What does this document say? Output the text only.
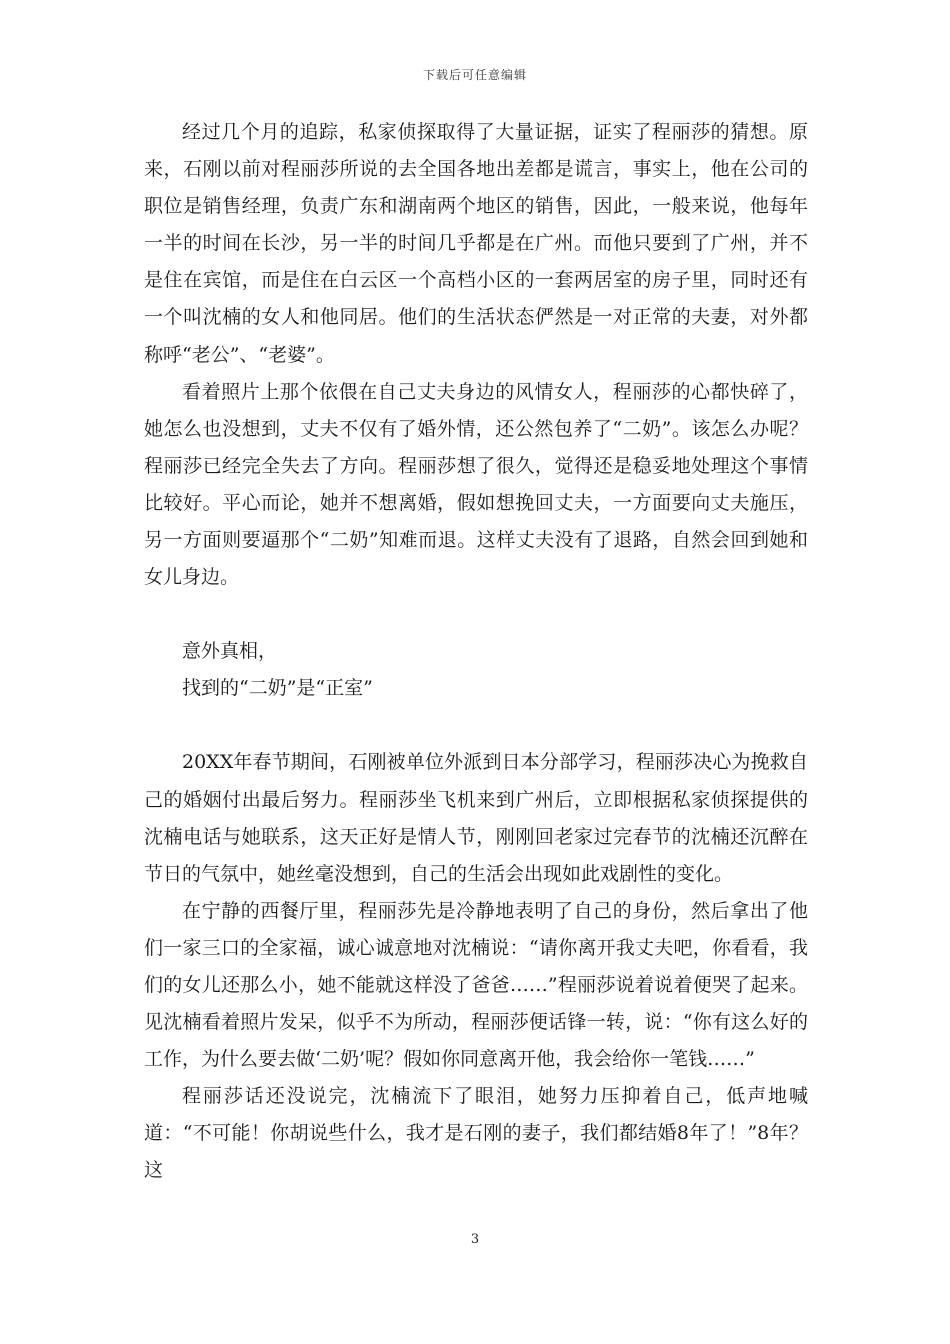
下载后可任意编辑

经过几个月的追踪，私家侦探取得了大量证据，证实了程丽莎的猜想。原来，石刚以前对程丽莎所说的去全国各地出差都是谎言，事实上，他在公司的职位是销售经理，负责广东和湖南两个地区的销售，因此，一般来说，他每年一半的时间在长沙，另一半的时间几乎都是在广州。而他只要到了广州，并不是住在宾馆，而是住在白云区一个高档小区的一套两居室的房子里，同时还有一个叫沈楠的女人和他同居。他们的生活状态俨然是一对正常的夫妻，对外都称呼“老公”、“老婆”。

看着照片上那个依偎在自己丈夫身边的风情女人，程丽莎的心都快碎了，她怎么也没想到，丈夫不仅有了婚外情，还公然包养了“二奶”。该怎么办呢？程丽莎已经完全失去了方向。程丽莎想了很久，觉得还是稳妥地处理这个事情比较好。平心而论，她并不想离婚，假如想挽回丈夫，一方面要向丈夫施压，另一方面则要逼那个“二奶”知难而退。这样丈夫没有了退路，自然会回到她和女儿身边。

意外真相，

找到的“二奶”是“正室”

20XX年春节期间，石刚被单位外派到日本分部学习，程丽莎决心为挽救自己的婚姻付出最后努力。程丽莎坐飞机来到广州后，立即根据私家侦探提供的沈楠电话与她联系，这天正好是情人节，刚刚回老家过完春节的沈楠还沉醉在节日的气氛中，她丝毫没想到，自己的生活会出现如此戏剧性的变化。

在宁静的西餐厅里，程丽莎先是冷静地表明了自己的身份，然后拿出了他们一家三口的全家福，诚心诚意地对沈楠说：“请你离开我丈夫吧，你看看，我们的女儿还那么小，她不能就这样没了爸爸……”程丽莎说着说着便哭了起来。见沈楠看着照片发呆，似乎不为所动，程丽莎便话锋一转，说：“你有这么好的工作，为什么要去做‘二奶’呢？假如你同意离开他，我会给你一笔钱……”

程丽莎话还没说完，沈楠流下了眼泪，她努力压抑着自己，低声地喊道：“不可能！你胡说些什么，我才是石刚的妻子，我们都结婚8年了！”8年？这

3
